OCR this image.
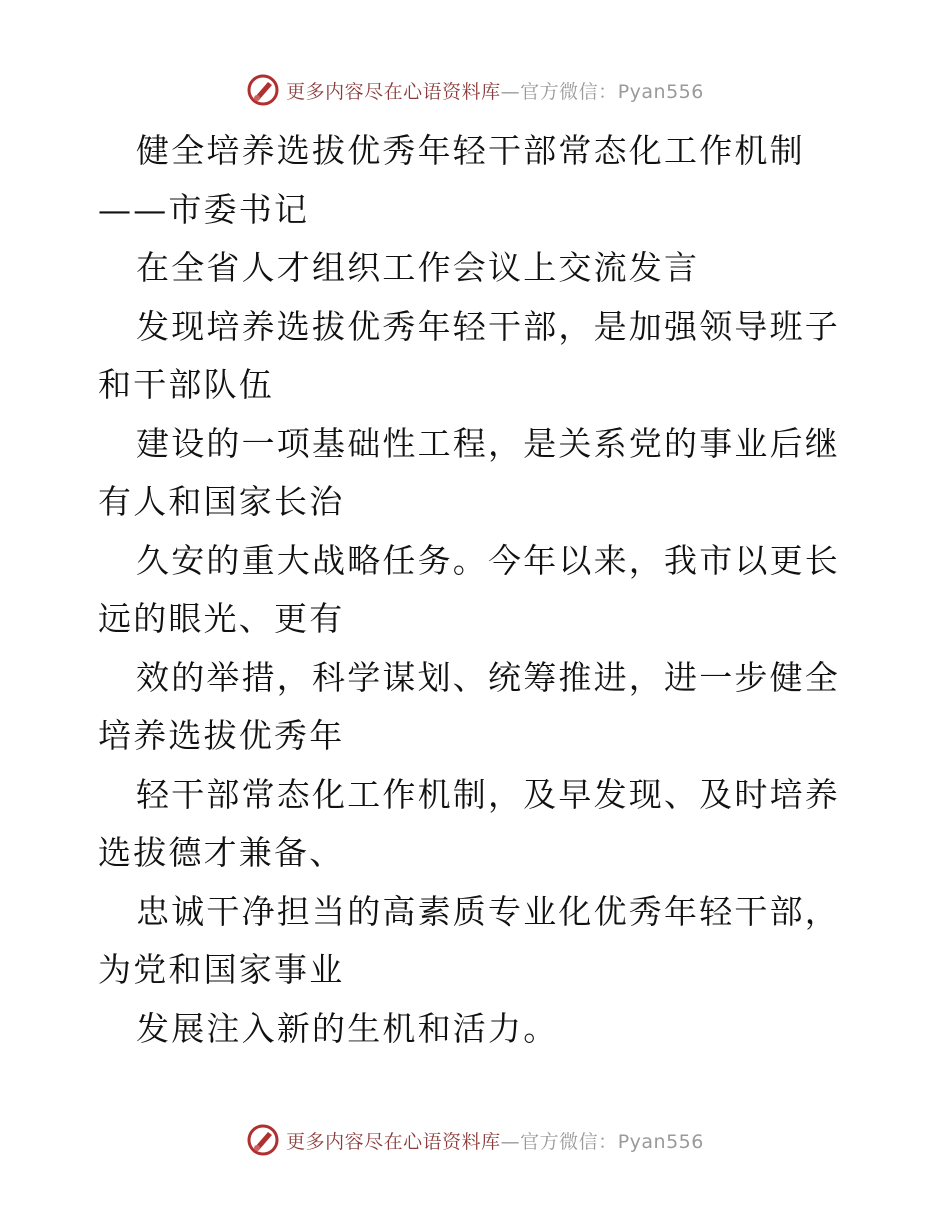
更多内容尽在心语资料库—官方微信：Pyan556

健全培养选拔优秀年轻干部常态化工作机制——市委书记

在全省人才组织工作会议上交流发言

发现培养选拔优秀年轻干部，是加强领导班子和干部队伍

建设的一项基础性工程，是关系党的事业后继有人和国家长治

久安的重大战略任务。今年以来，我市以更长远的眼光、更有

效的举措，科学谋划、统筹推进，进一步健全培养选拔优秀年

轻干部常态化工作机制，及早发现、及时培养选拔德才兼备、

忠诚干净担当的高素质专业化优秀年轻干部，为党和国家事业

发展注入新的生机和活力。

更多内容尽在心语资料库—官方微信：Pyan556
